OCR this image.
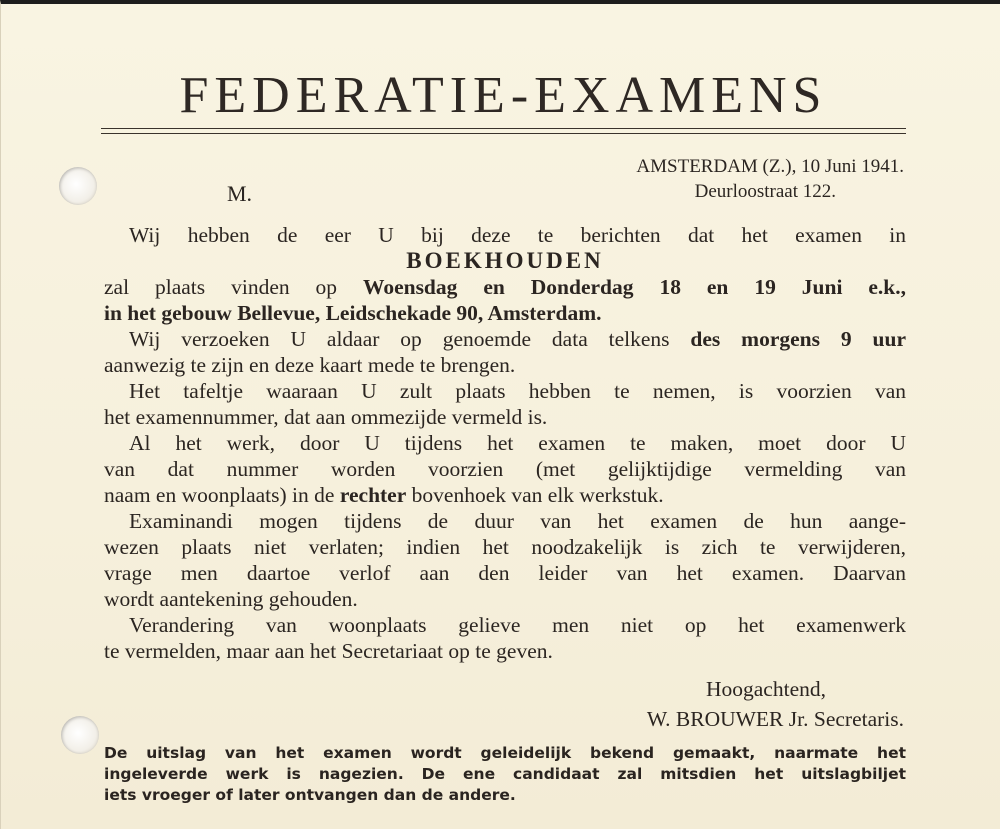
FEDERATIE-EXAMENS
AMSTERDAM (Z.), 10 Juni 1941.
M.	Deurloostraat 122.
Wij hebben de eer U bij deze te berichten dat het examen in
BOEKHOUDEN
zal plaats vinden op Woensdag en Donderdag 18 en 19 Juni e.k.,
in het gebouw Bellevue, Leidschekade 90, Amsterdam.
Wij verzoeken U aldaar op genoemde data telkens des morgens 9 uur
aanwezig te zijn en deze kaart mede te brengen.
Het tafeltje waaraan U zult plaats hebben te nemen, is voorzien van
het examennummer, dat aan ommezijde vermeld is.
Al het werk, door U tijdens het examen te maken, moet door U
van dat nummer worden voorzien (met gelijktijdige vermelding van
naam en woonplaats) in de rechter bovenhoek van elk werkstuk.
Examinandi mogen tijdens de duur van het examen de hun aange-
wezen plaats niet verlaten; indien het noodzakelijk is zich te verwijderen,
vrage men daartoe verlof aan den leider van het examen. Daarvan
wordt aantekening gehouden.
Verandering van woonplaats gelieve men niet op het examenwerk
te vermelden, maar aan het Secretariaat op te geven.
Hoogachtend,
W. BROUWER Jr. Secretaris.
De uitslag van het examen wordt geleidelijk bekend gemaakt, naarmate het
ingeleverde werk is nagezien. De ene candidaat zal mitsdien het uitslagbiljet
iets vroeger of later ontvangen dan de andere.
